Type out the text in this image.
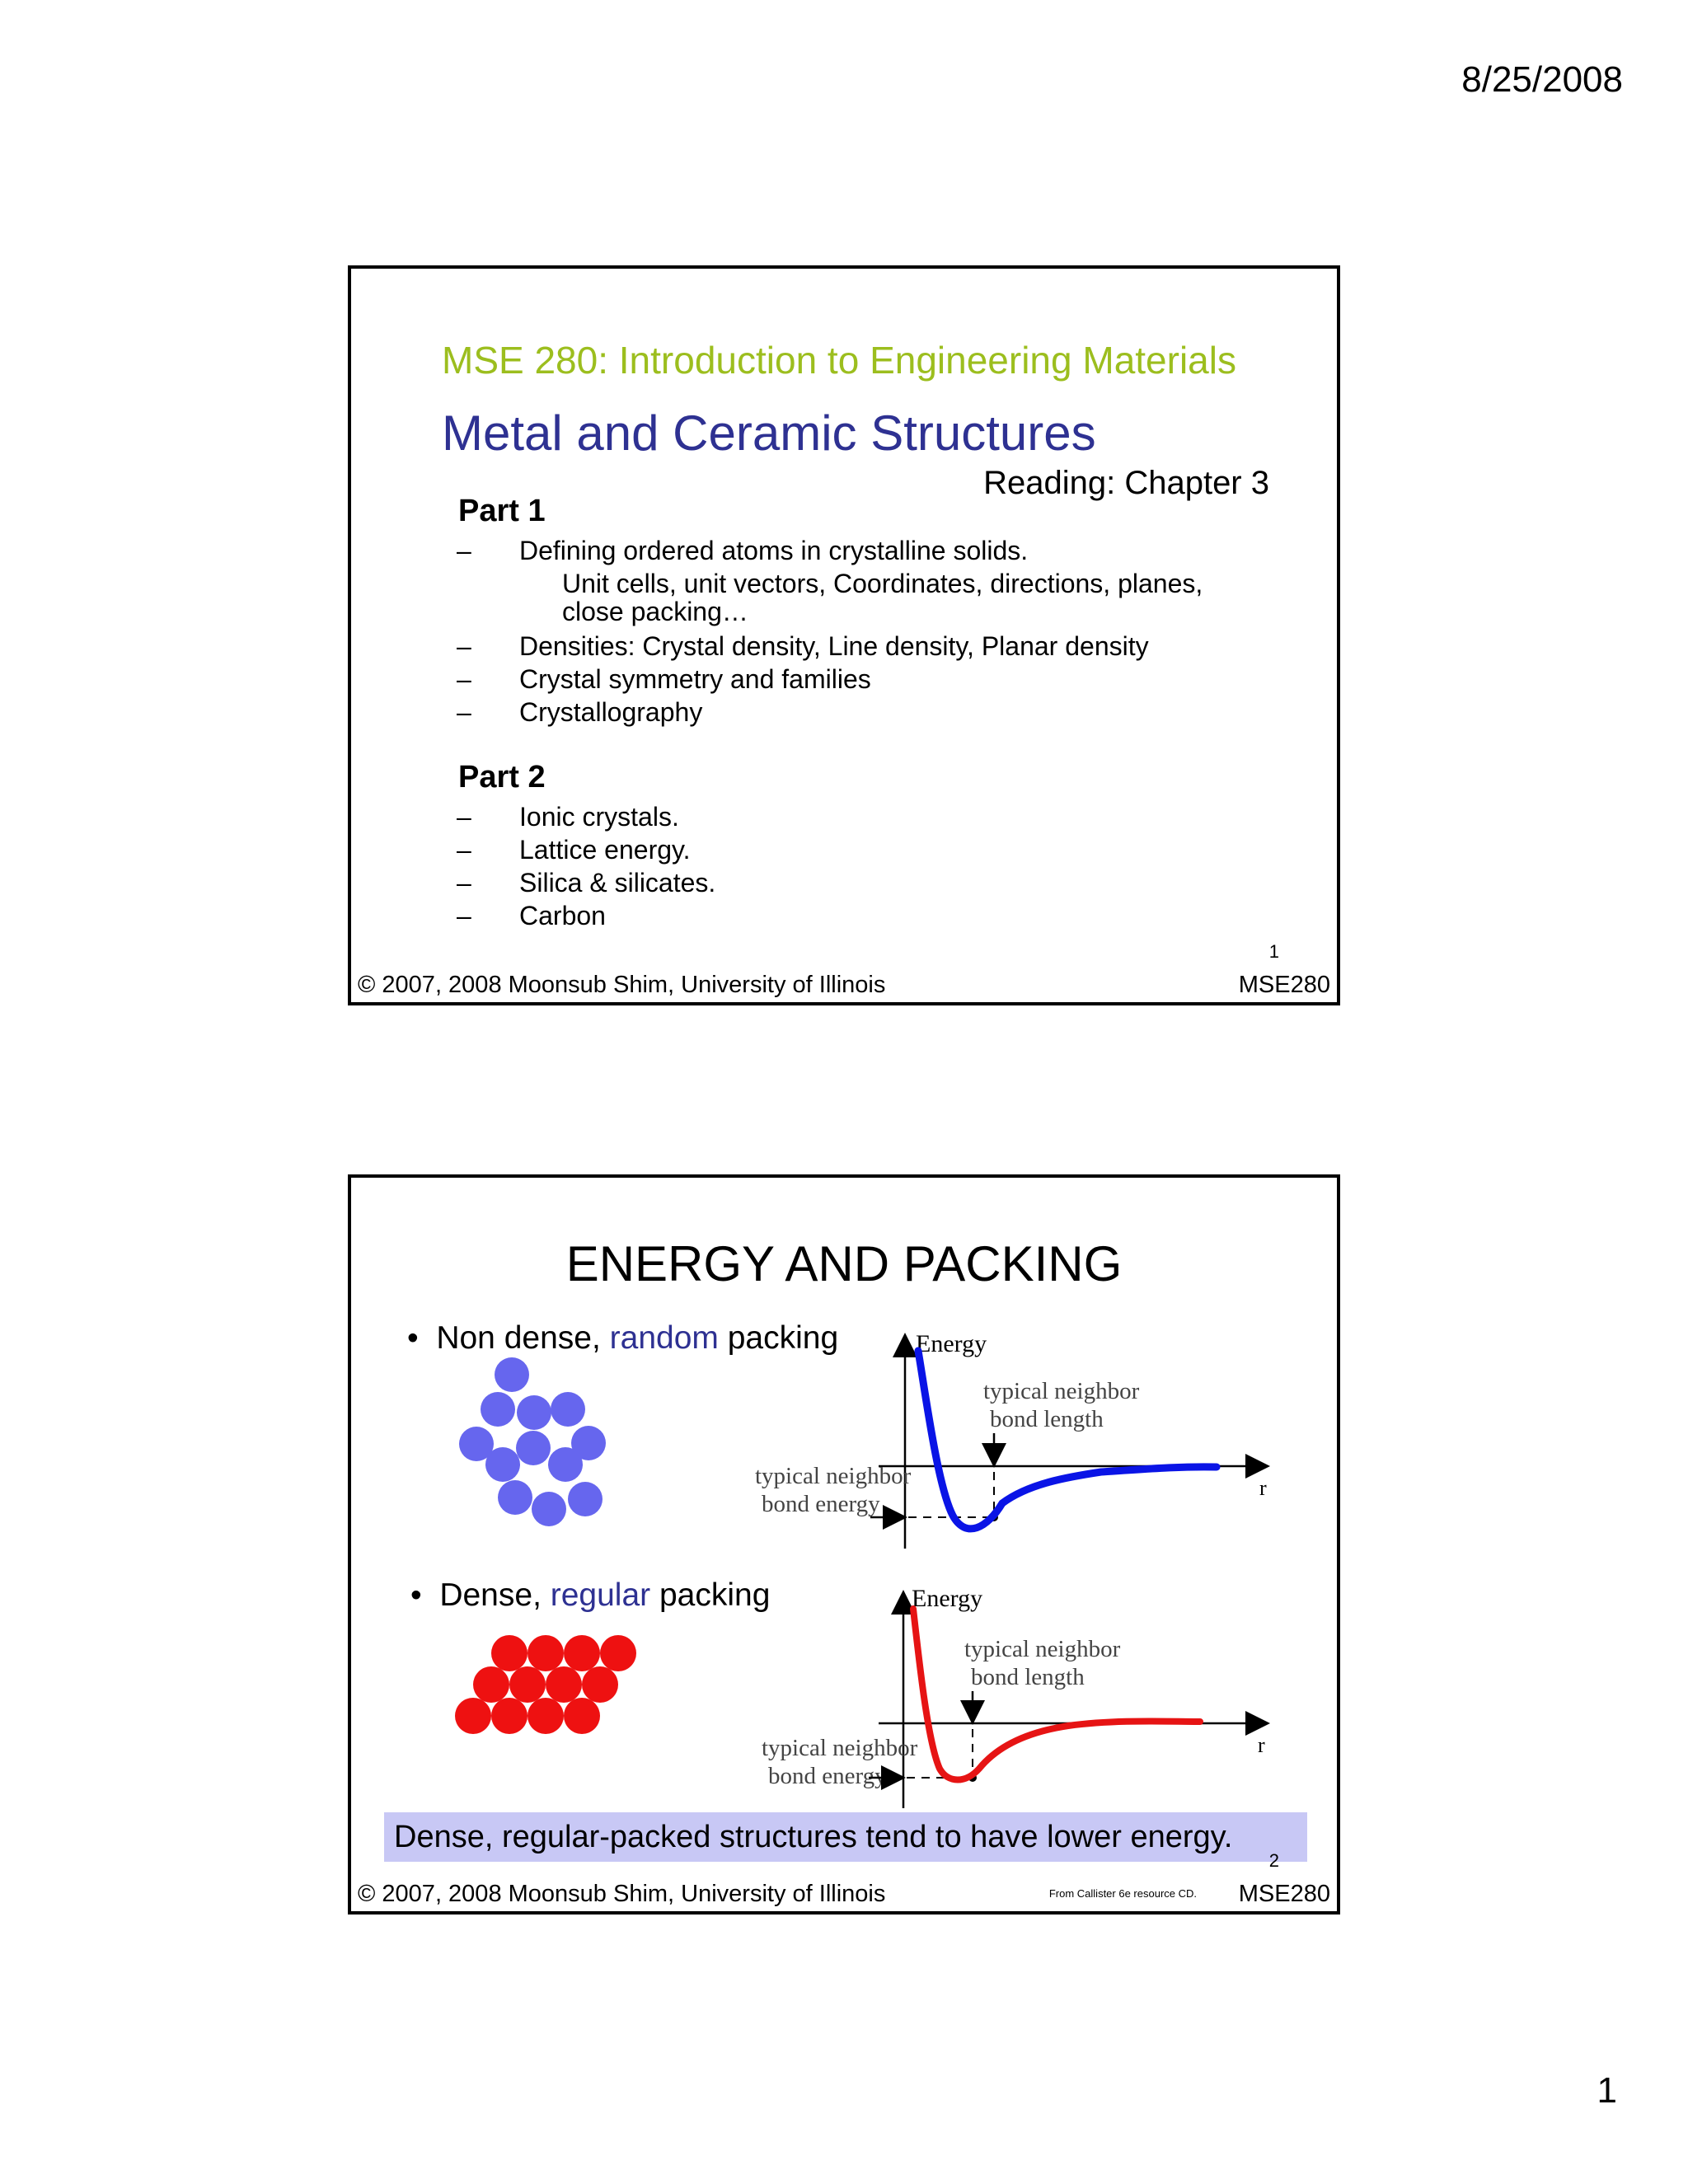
8/25/2008
MSE 280: Introduction to Engineering Materials
Metal and Ceramic Structures
Reading: Chapter 3
Part 1
–	Defining ordered atoms in crystalline solids.
Unit cells, unit vectors, Coordinates, directions, planes, close packing…
–	Densities: Crystal density, Line density, Planar density
–	Crystal symmetry and families
–	Crystallography
Part 2
–	Ionic crystals.
–	Lattice energy.
–	Silica & silicates.
–	Carbon
1
© 2007, 2008 Moonsub Shim, University of Illinois	MSE280
ENERGY AND PACKING
• Non dense, random packing
• Dense, regular packing
Energy
r
typical neighbor
bond length
typical neighbor
bond energy
Energy
r
typical neighbor
bond length
typical neighbor
bond energy
Dense, regular-packed structures tend to have lower energy.
2
© 2007, 2008 Moonsub Shim, University of Illinois	From Callister 6e resource CD. MSE280
1
